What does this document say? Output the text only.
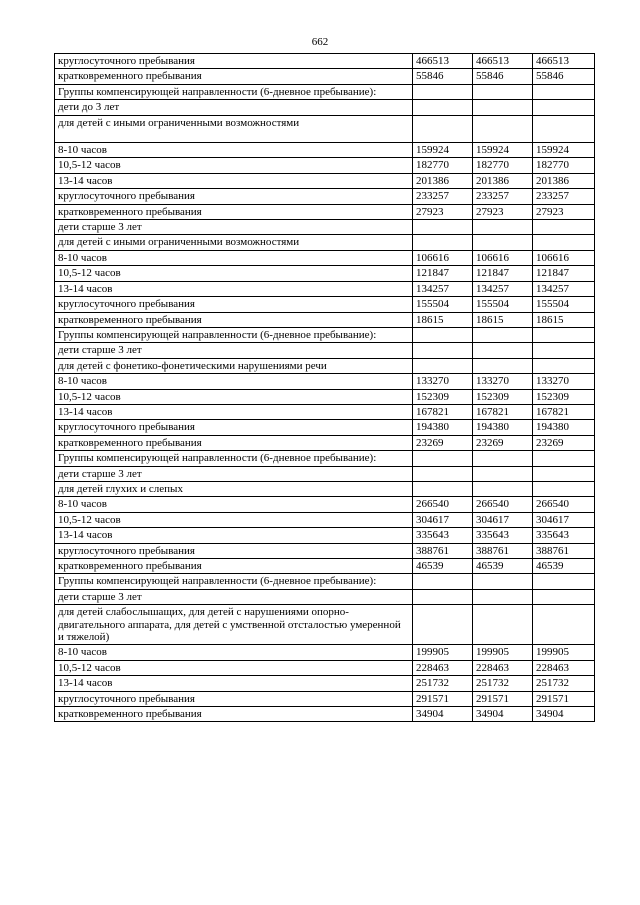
662
круглосуточного пребывания	466513	466513	466513
кратковременного пребывания	55846	55846	55846
Группы компенсирующей направленности (6-дневное пребывание):			
дети до 3 лет			
для детей с иными ограниченными возможностями			
8-10 часов	159924	159924	159924
10,5-12 часов	182770	182770	182770
13-14 часов	201386	201386	201386
круглосуточного пребывания	233257	233257	233257
кратковременного пребывания	27923	27923	27923
дети старше 3 лет			
для детей с иными ограниченными возможностями			
8-10 часов	106616	106616	106616
10,5-12 часов	121847	121847	121847
13-14 часов	134257	134257	134257
круглосуточного пребывания	155504	155504	155504
кратковременного пребывания	18615	18615	18615
Группы компенсирующей направленности (6-дневное пребывание):			
дети старше 3 лет			
для детей с фонетико-фонетическими нарушениями речи			
8-10 часов	133270	133270	133270
10,5-12 часов	152309	152309	152309
13-14 часов	167821	167821	167821
круглосуточного пребывания	194380	194380	194380
кратковременного пребывания	23269	23269	23269
Группы компенсирующей направленности (6-дневное пребывание):			
дети старше 3 лет			
для детей глухих и слепых			
8-10 часов	266540	266540	266540
10,5-12 часов	304617	304617	304617
13-14 часов	335643	335643	335643
круглосуточного пребывания	388761	388761	388761
кратковременного пребывания	46539	46539	46539
Группы компенсирующей направленности (6-дневное пребывание):			
дети старше 3 лет			
для детей слабослышащих, для детей с нарушениями опорно-двигательного аппарата, для детей с умственной отсталостью умеренной и тяжелой)			
8-10 часов	199905	199905	199905
10,5-12 часов	228463	228463	228463
13-14 часов	251732	251732	251732
круглосуточного пребывания	291571	291571	291571
кратковременного пребывания	34904	34904	34904
